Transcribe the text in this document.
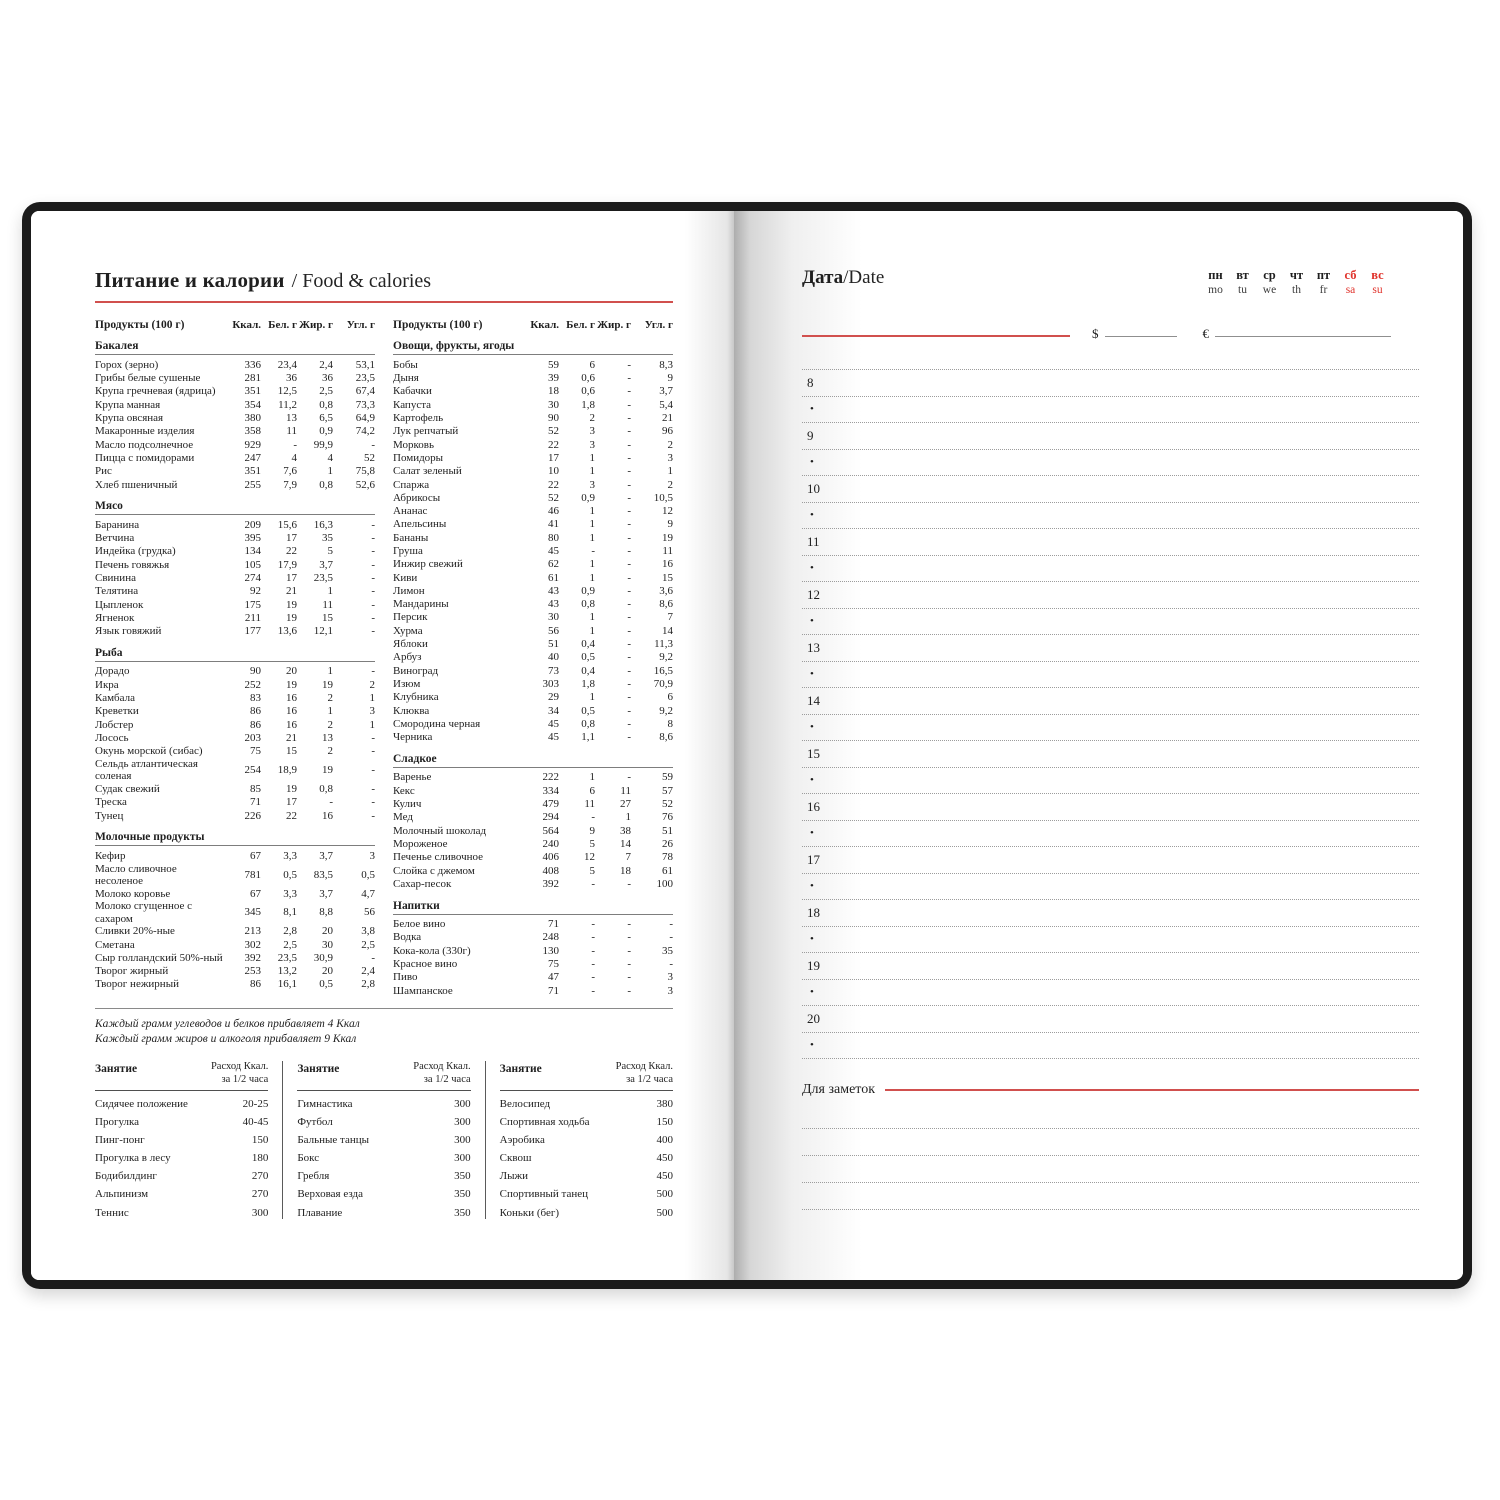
Питание и калории / Food & calories
Продукты (100 г)	Ккал. Бел. г Жир. г	Угл. г
Бакалея
Горох (зерно)	336	23,4	2,4	53,1
Грибы белые сушеные	281	36	36	23,5
Крупа гречневая (ядрица)	351	12,5	2,5	67,4
Крупа манная	354	11,2	0,8	73,3
Крупа овсяная	380	13	6,5	64,9
Макаронные изделия	358	11	0,9	74,2
Масло подсолнечное	929	-	99,9	-
Пицца с помидорами	247	4	4	52
Рис	351	7,6	1	75,8
Хлеб пшеничный	255	7,9	0,8	52,6
Мясо
Баранина	209	15,6	16,3	-
Ветчина	395	17	35	-
Индейка (грудка)	134	22	5	-
Печень говяжья	105	17,9	3,7	-
Свинина	274	17	23,5	-
Телятина	92	21	1	-
Цыпленок	175	19	11	-
Ягненок	211	19	15	-
Язык говяжий	177	13,6	12,1	-
Рыба
Дорадо	90	20	1	-
Икра	252	19	19	2
Камбала	83	16	2	1
Креветки	86	16	1	3
Лобстер	86	16	2	1
Лосось	203	21	13	-
Окунь морской (сибас)	75	15	2	-
Сельдь атлантическая соленая
254	18,9	19	-
Судак свежий	85	19	0,8	-
Треска	71	17	-	-
Тунец	226	22	16	-
Молочные продукты
Кефир	67	3,3	3,7	3
Масло сливочное несоленое
781	0,5	83,5	0,5
Молоко коровье	67	3,3	3,7	4,7
Молоко сгущенное с сахаром
345	8,1	8,8	56
Сливки 20%-ные	213	2,8	20	3,8
Сметана	302	2,5	30	2,5
Сыр голландский 50%-ный	392	23,5	30,9	-
Творог жирный	253	13,2	20	2,4
Творог нежирный	86	16,1	0,5	2,8
Продукты (100 г)	Ккал. Бел. г Жир. г	Угл. г
Овощи, фрукты, ягоды
Бобы	59	6	-	8,3
Дыня	39	0,6	-	9
Кабачки	18	0,6	-	3,7
Капуста	30	1,8	-	5,4
Картофель	90	2	-	21
Лук репчатый	52	3	-	96
Морковь	22	3	-	2
Помидоры	17	1	-	3
Салат зеленый	10	1	-	1
Спаржа	22	3	-	2
Абрикосы	52	0,9	-	10,5
Ананас	46	1	-	12
Апельсины	41	1	-	9
Бананы	80	1	-	19
Груша	45	-	-	11
Инжир свежий	62	1	-	16
Киви	61	1	-	15
Лимон	43	0,9	-	3,6
Мандарины	43	0,8	-	8,6
Персик	30	1	-	7
Хурма	56	1	-	14
Яблоки	51	0,4	-	11,3
Арбуз	40	0,5	-	9,2
Виноград	73	0,4	-	16,5
Изюм	303	1,8	-	70,9
Клубника	29	1	-	6
Клюква	34	0,5	-	9,2
Смородина черная	45	0,8	-	8
Черника	45	1,1	-	8,6
Сладкое
Варенье	222	1	-	59
Кекс	334	6	11	57
Кулич	479	11	27	52
Мед	294	-	1	76
Молочный шоколад	564	9	38	51
Мороженое	240	5	14	26
Печенье сливочное	406	12	7	78
Слойка с джемом	408	5	18	61
Сахар-песок	392	-	-	100
Напитки
Белое вино	71	-	-	-
Водка	248	-	-	-
Кока-кола (330г)	130	-	-	35
Красное вино	75	-	-	-
Пиво	47	-	-	3
Шампанское	71	-	-	3
Каждый грамм углеводов и белков прибавляет 4 Ккал
Каждый грамм жиров и алкоголя прибавляет 9 Ккал
Занятие	Расход Ккал.
за 1/2 часа
Сидячее положение	20-25
Прогулка	40-45
Пинг-понг	150
Прогулка в лесу	180
Бодибилдинг	270
Альпинизм	270
Теннис	300
Занятие	Расход Ккал.
за 1/2 часа
Гимнастика	300
Футбол	300
Бальные танцы	300
Бокс	300
Гребля	350
Верховая езда	350
Плавание	350
Занятие	Расход Ккал.
за 1/2 часа
Велосипед	380
Спортивная ходьба	150
Аэробика	400
Сквош	450
Лыжи	450
Спортивный танец	500
Коньки (бег)	500
Дата/Date	пн
mo
вт
tu
ср
we
чт
th
пт
fr
сб
sa
вс
su
$	€
8
•
9
•
10
•
11
•
12
•
13
•
14
•
15
•
16
•
17
•
18
•
19
•
20
•
Для заметок
